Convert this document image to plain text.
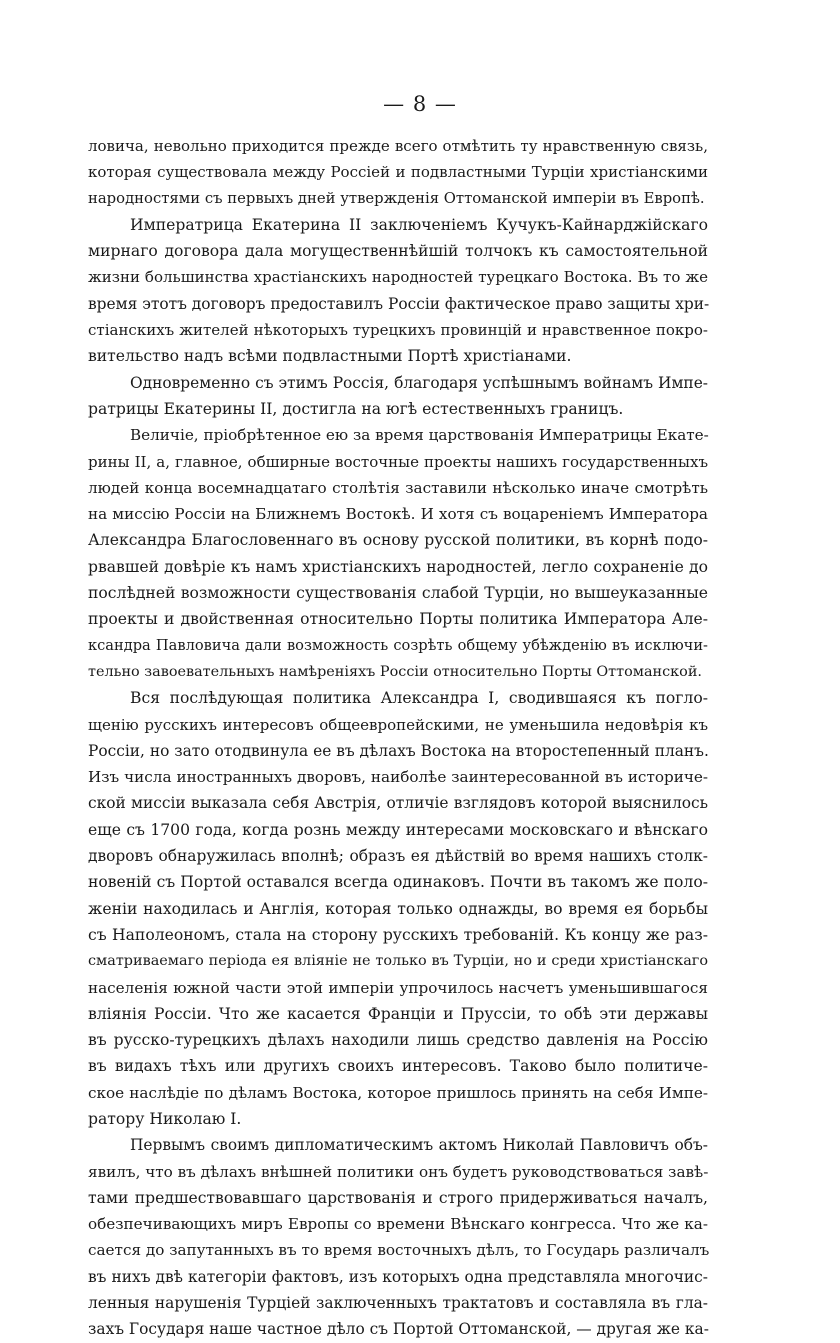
— 8 —
ловича, невольно приходится прежде всего отмѣтить ту нравственную связь,
которая существовала между Россіей и подвластными Турціи христіанскими
народностями съ первыхъ дней утвержденія Оттоманской имперіи въ Европѣ.
Императрица Екатерина II заключеніемъ Кучукъ-Кайнарджійскаго
мирнаго договора дала могущественнѣйшій толчокъ къ самостоятельной
жизни большинства храстіанскихъ народностей турецкаго Востока. Въ то же
время этотъ договоръ предоставилъ Россіи фактическое право защиты хри-
стіанскихъ жителей нѣкоторыхъ турецкихъ провинцій и нравственное покро-
вительство надъ всѣми подвластными Портѣ христіанами.
Одновременно съ этимъ Россія, благодаря успѣшнымъ войнамъ Импе-
ратрицы Екатерины II, достигла на югѣ естественныхъ границъ.
Величіе, пріобрѣтенное ею за время царствованія Императрицы Екате-
рины II, а, главное, обширные восточные проекты нашихъ государственныхъ
людей конца восемнадцатаго столѣтія заставили нѣсколько иначе смотрѣть
на миссію Россіи на Ближнемъ Востокѣ. И хотя съ воцареніемъ Императора
Александра Благословеннаго въ основу русской политики, въ корнѣ подо-
рвавшей довѣріе къ намъ христіанскихъ народностей, легло сохраненіе до
послѣдней возможности существованія слабой Турціи, но вышеуказанные
проекты и двойственная относительно Порты политика Императора Але-
ксандра Павловича дали возможность созрѣть общему убѣжденію въ исключи-
тельно завоевательныхъ намѣреніяхъ Россіи относительно Порты Оттоманской.
Вся послѣдующая политика Александра I, сводившаяся къ погло-
щенію русскихъ интересовъ общеевропейскими, не уменьшила недовѣрія къ
Россіи, но зато отодвинула ее въ дѣлахъ Востока на второстепенный планъ.
Изъ числа иностранныхъ дворовъ, наиболѣе заинтересованной въ историче-
ской миссіи выказала себя Австрія, отличіе взглядовъ которой выяснилось
еще съ 1700 года, когда рознь между интересами московскаго и вѣнскаго
дворовъ обнаружилась вполнѣ; образъ ея дѣйствій во время нашихъ столк-
новеній съ Портой оставался всегда одинаковъ. Почти въ такомъ же поло-
женіи находилась и Англія, которая только однажды, во время ея борьбы
съ Наполеономъ, стала на сторону русскихъ требованій. Къ концу же раз-
сматриваемаго періода ея вліяніе не только въ Турціи, но и среди христіанскаго
населенія южной части этой имперіи упрочилось насчетъ уменьшившагося
вліянія Россіи. Что же касается Франціи и Пруссіи, то обѣ эти державы
въ русско-турецкихъ дѣлахъ находили лишь средство давленія на Россію
въ видахъ тѣхъ или другихъ своихъ интересовъ. Таково было политиче-
ское наслѣдіе по дѣламъ Востока, которое пришлось принять на себя Импе-
ратору Николаю I.
Первымъ своимъ дипломатическимъ актомъ Николай Павловичъ объ-
явилъ, что въ дѣлахъ внѣшней политики онъ будетъ руководствоваться завѣ-
тами предшествовавшаго царствованія и строго придерживаться началъ,
обезпечивающихъ миръ Европы со времени Вѣнскаго конгресса. Что же ка-
сается до запутанныхъ въ то время восточныхъ дѣлъ, то Государь различалъ
въ нихъ двѣ категоріи фактовъ, изъ которыхъ одна представляла многочис-
ленныя нарушенія Турціей заключенныхъ трактатовъ и составляла въ гла-
захъ Государя наше частное дѣло съ Портой Оттоманской, — другая же ка-
